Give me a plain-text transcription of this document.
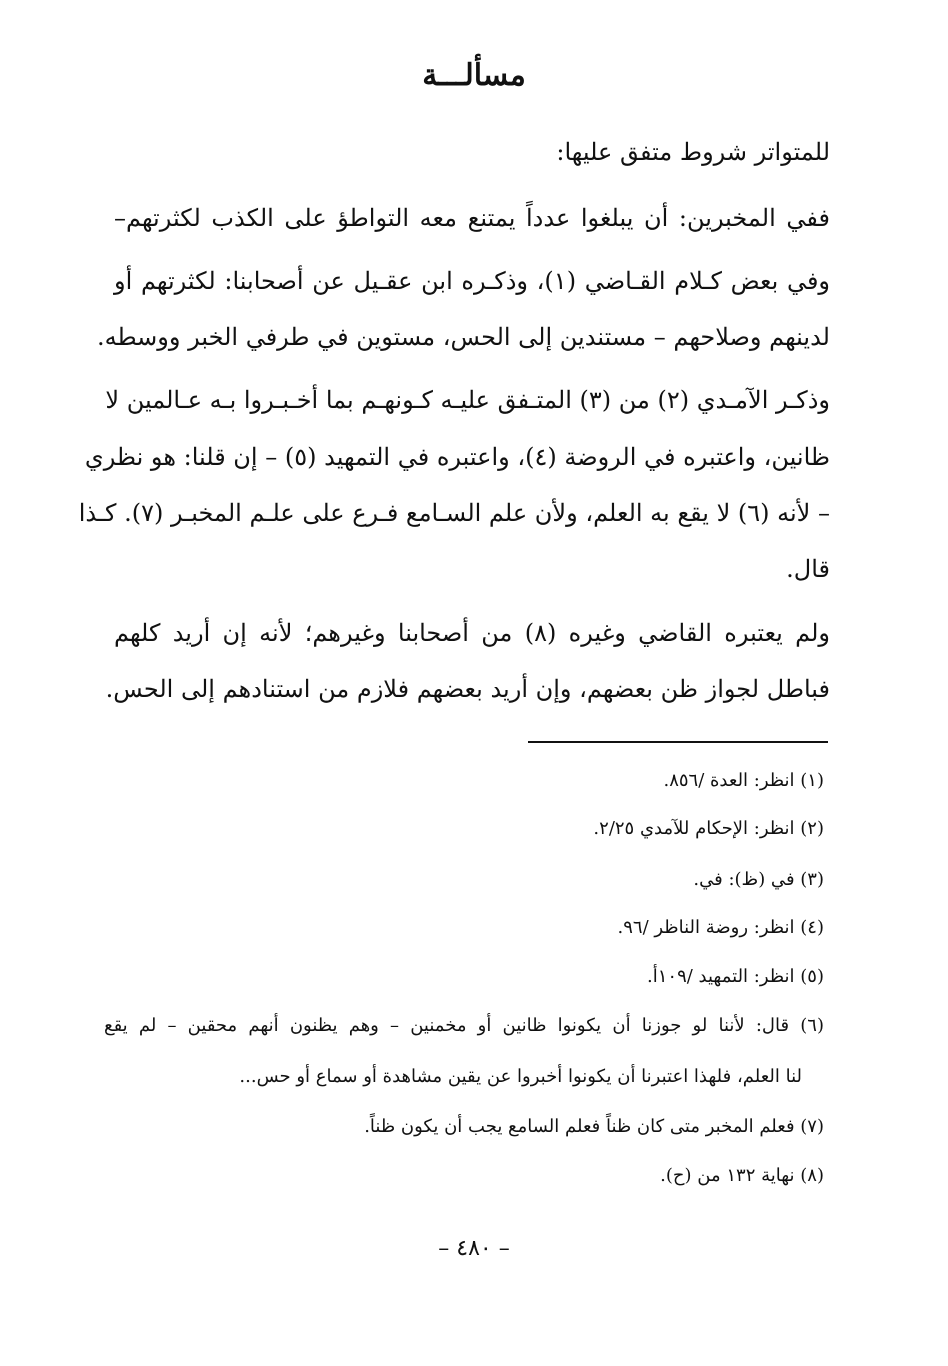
مسألـــة
للمتواتر شروط متفق عليها:
ففي المخبرين: أن يبلغوا عدداً يمتنع معه التواطؤ على الكذب لكثرتهم–
وفي بعض كـلام القـاضي (١)، وذكـره ابن عقـيل عن أصحابنا: لكثرتهم أو
لدينهم وصلاحهم – مستندين إلى الحس، مستوين في طرفي الخبر ووسطه.
وذكـر الآمـدي (٢) من (٣) المتـفق عليـه كـونهـم بما أخـبـروا بـه عـالمين لا
ظانين، واعتبره في الروضة (٤)، واعتبره في التمهيد (٥) – إن قلنا: هو نظري
– لأنه (٦) لا يقع به العلم، ولأن علم السـامع فـرع على علـم المخبـر (٧). كـذا
قال.
ولم يعتبره القاضي وغيره (٨) من أصحابنا وغيرهم؛ لأنه إن أريد كلهم
فباطل لجواز ظن بعضهم، وإن أريد بعضهم فلازم من استنادهم إلى الحس.
(١) انظر: العدة /٨٥٦.
(٢) انظر: الإحكام للآمدي ٢/٢٥.
(٣) في (ظ): في.
(٤) انظر: روضة الناظر /٩٦.
(٥) انظر: التمهيد /١٠٩أ.
(٦) قال: لأننا لو جوزنا أن يكونوا ظانين أو مخمنين – وهم يظنون أنهم محقين – لم يقع
لنا العلم، فلهذا اعتبرنا أن يكونوا أخبروا عن يقين مشاهدة أو سماع أو حس...
(٧) فعلم المخبر متى كان ظناً فعلم السامع يجب أن يكون ظناً.
(٨) نهاية ١٣٢ من (ح).
– ٤٨٠ –
